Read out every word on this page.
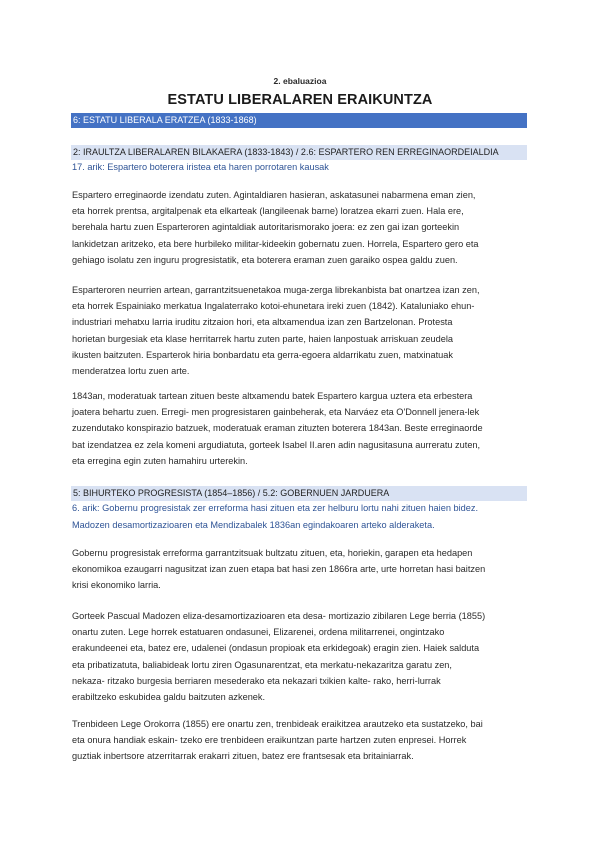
2. ebaluazioa
ESTATU LIBERALAREN ERAIKUNTZA
6: ESTATU LIBERALA ERATZEA (1833-1868)
2: IRAULTZA LIBERALAREN BILAKAERA (1833-1843) / 2.6: ESPARTERO REN ERREGINAORDEIALDIA
17. arik: Espartero boterera iristea eta haren porrotaren kausak
Espartero erreginaorde izendatu zuten. Agintaldiaren hasieran, askatasunei nabarmena eman zien,
eta horrek prentsa, argitalpenak eta elkarteak (langileenak barne) loratzea ekarri zuen. Hala ere,
berehala hartu zuen Esparteroren agintaldiak autoritarismorako joera: ez zen gai izan gorteekin
lankidetzan aritzeko, eta bere hurbileko militar-kideekin gobernatu zuen. Horrela, Espartero gero eta
gehiago isolatu zen inguru progresistatik, eta boterera eraman zuen garaiko ospea galdu zuen.
Esparteroren neurrien artean, garrantzitsuenetakoa muga-zerga librekanbista bat onartzea izan zen,
eta horrek Espainiako merkatua Ingalaterrako kotoi-ehunetara ireki zuen (1842). Kataluniako ehun-
industriari mehatxu larria iruditu zitzaion hori, eta altxamendua izan zen Bartzelonan. Protesta
horietan burgesiak eta klase herritarrek hartu zuten parte, haien lanpostuak arriskuan zeudela
ikusten baitzuten. Esparterok hiria bonbardatu eta gerra-egoera aldarrikatu zuen, matxinatuak
menderatzea lortu zuen arte.
1843an, moderatuak tartean zituen beste altxamendu batek Espartero kargua uztera eta erbestera
joatera behartu zuen. Erregi- men progresistaren gainbeherak, eta Narváez eta O'Donnell jenera-lek
zuzendutako konspirazio batzuek, moderatuak eraman zituzten boterera 1843an. Beste erreginaorde
bat izendatzea ez zela komeni argudiatuta, gorteek Isabel II.aren adin nagusitasuna aurreratu zuten,
eta erregina egin zuten hamahiru urterekin.
5: BIHURTEKO PROGRESISTA (1854–1856) / 5.2: GOBERNUEN JARDUERA
6. arik: Gobernu progresistak zer erreforma hasi zituen eta zer helburu lortu nahi zituen haien bidez.
Madozen desamortizazioaren eta Mendizabalek 1836an egindakoaren arteko alderaketa.
Gobernu progresistak erreforma garrantzitsuak bultzatu zituen, eta, horiekin, garapen eta hedapen
ekonomikoa ezaugarri nagusitzat izan zuen etapa bat hasi zen 1866ra arte, urte horretan hasi baitzen
krisi ekonomiko larria.
Gorteek Pascual Madozen eliza-desamortizazioaren eta desa- mortizazio zibilaren Lege berria (1855)
onartu zuten. Lege horrek estatuaren ondasunei, Elizarenei, ordena militarrenei, ongintzako
erakundeenei eta, batez ere, udalenei (ondasun propioak eta erkidegoak) eragin zien. Haiek salduta
eta pribatizatuta, baliabideak lortu ziren Ogasunarentzat, eta merkatu-nekazaritza garatu zen,
nekaza- ritzako burgesia berriaren mesederako eta nekazari txikien kalte- rako, herri-lurrak
erabiltzeko eskubidea galdu baitzuten azkenek.
Trenbideen Lege Orokorra (1855) ere onartu zen, trenbideak eraikitzea arautzeko eta sustatzeko, bai
eta onura handiak eskain- tzeko ere trenbideen eraikuntzan parte hartzen zuten enpresei. Horrek
guztiak inbertsore atzerritarrak erakarri zituen, batez ere frantsesak eta britainiarrak.
